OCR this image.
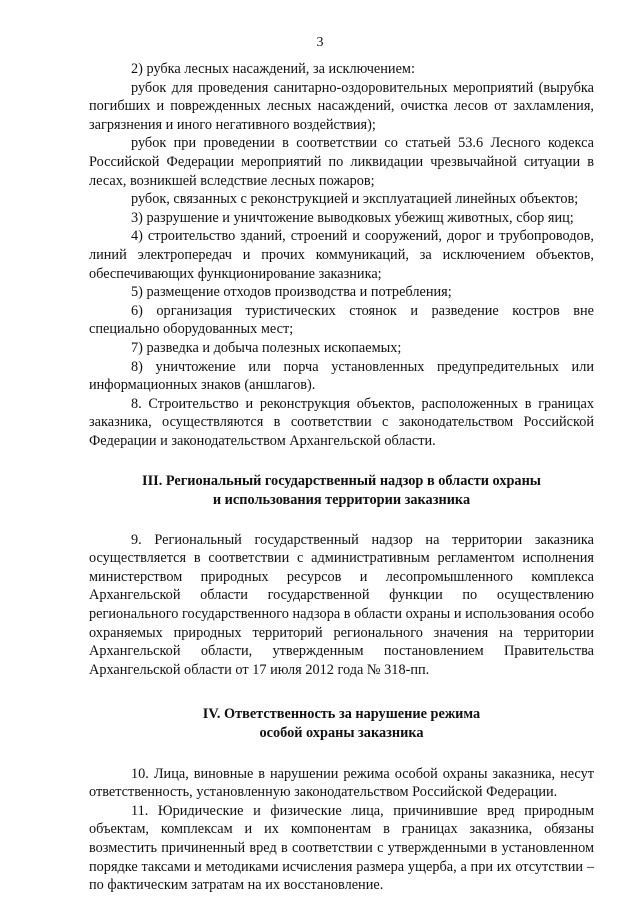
3

2) рубка лесных насаждений, за исключением:

рубок для проведения санитарно-оздоровительных мероприятий (вырубка погибших и поврежденных лесных насаждений, очистка лесов от захламления, загрязнения и иного негативного воздействия);

рубок при проведении в соответствии со статьей 53.6 Лесного кодекса Российской Федерации мероприятий по ликвидации чрезвычайной ситуации в лесах, возникшей вследствие лесных пожаров;

рубок, связанных с реконструкцией и эксплуатацией линейных объектов;

3) разрушение и уничтожение выводковых убежищ животных, сбор яиц;

4) строительство зданий, строений и сооружений, дорог и трубопроводов, линий электропередач и прочих коммуникаций, за исключением объектов, обеспечивающих функционирование заказника;

5) размещение отходов производства и потребления;

6) организация туристических стоянок и разведение костров вне специально оборудованных мест;

7) разведка и добыча полезных ископаемых;

8) уничтожение или порча установленных предупредительных или информационных знаков (аншлагов).

8. Строительство и реконструкция объектов, расположенных в границах заказника, осуществляются в соответствии с законодательством Российской Федерации и законодательством Архангельской области.

III. Региональный государственный надзор в области охраны

и использования территории заказника

9. Региональный государственный надзор на территории заказника осуществляется в соответствии с административным регламентом исполнения министерством природных ресурсов и лесопромышленного комплекса Архангельской области государственной функции по осуществлению регионального государственного надзора в области охраны и использования особо охраняемых природных территорий регионального значения на территории Архангельской области, утвержденным постановлением Правительства Архангельской области от 17 июля 2012 года № 318-пп.

IV. Ответственность за нарушение режима

особой охраны заказника

10. Лица, виновные в нарушении режима особой охраны заказника, несут ответственность, установленную законодательством Российской Федерации.

11. Юридические и физические лица, причинившие вред природным объектам, комплексам и их компонентам в границах заказника, обязаны возместить причиненный вред в соответствии с утвержденными в установленном порядке таксами и методиками исчисления размера ущерба, а при их отсутствии – по фактическим затратам на их восстановление.
